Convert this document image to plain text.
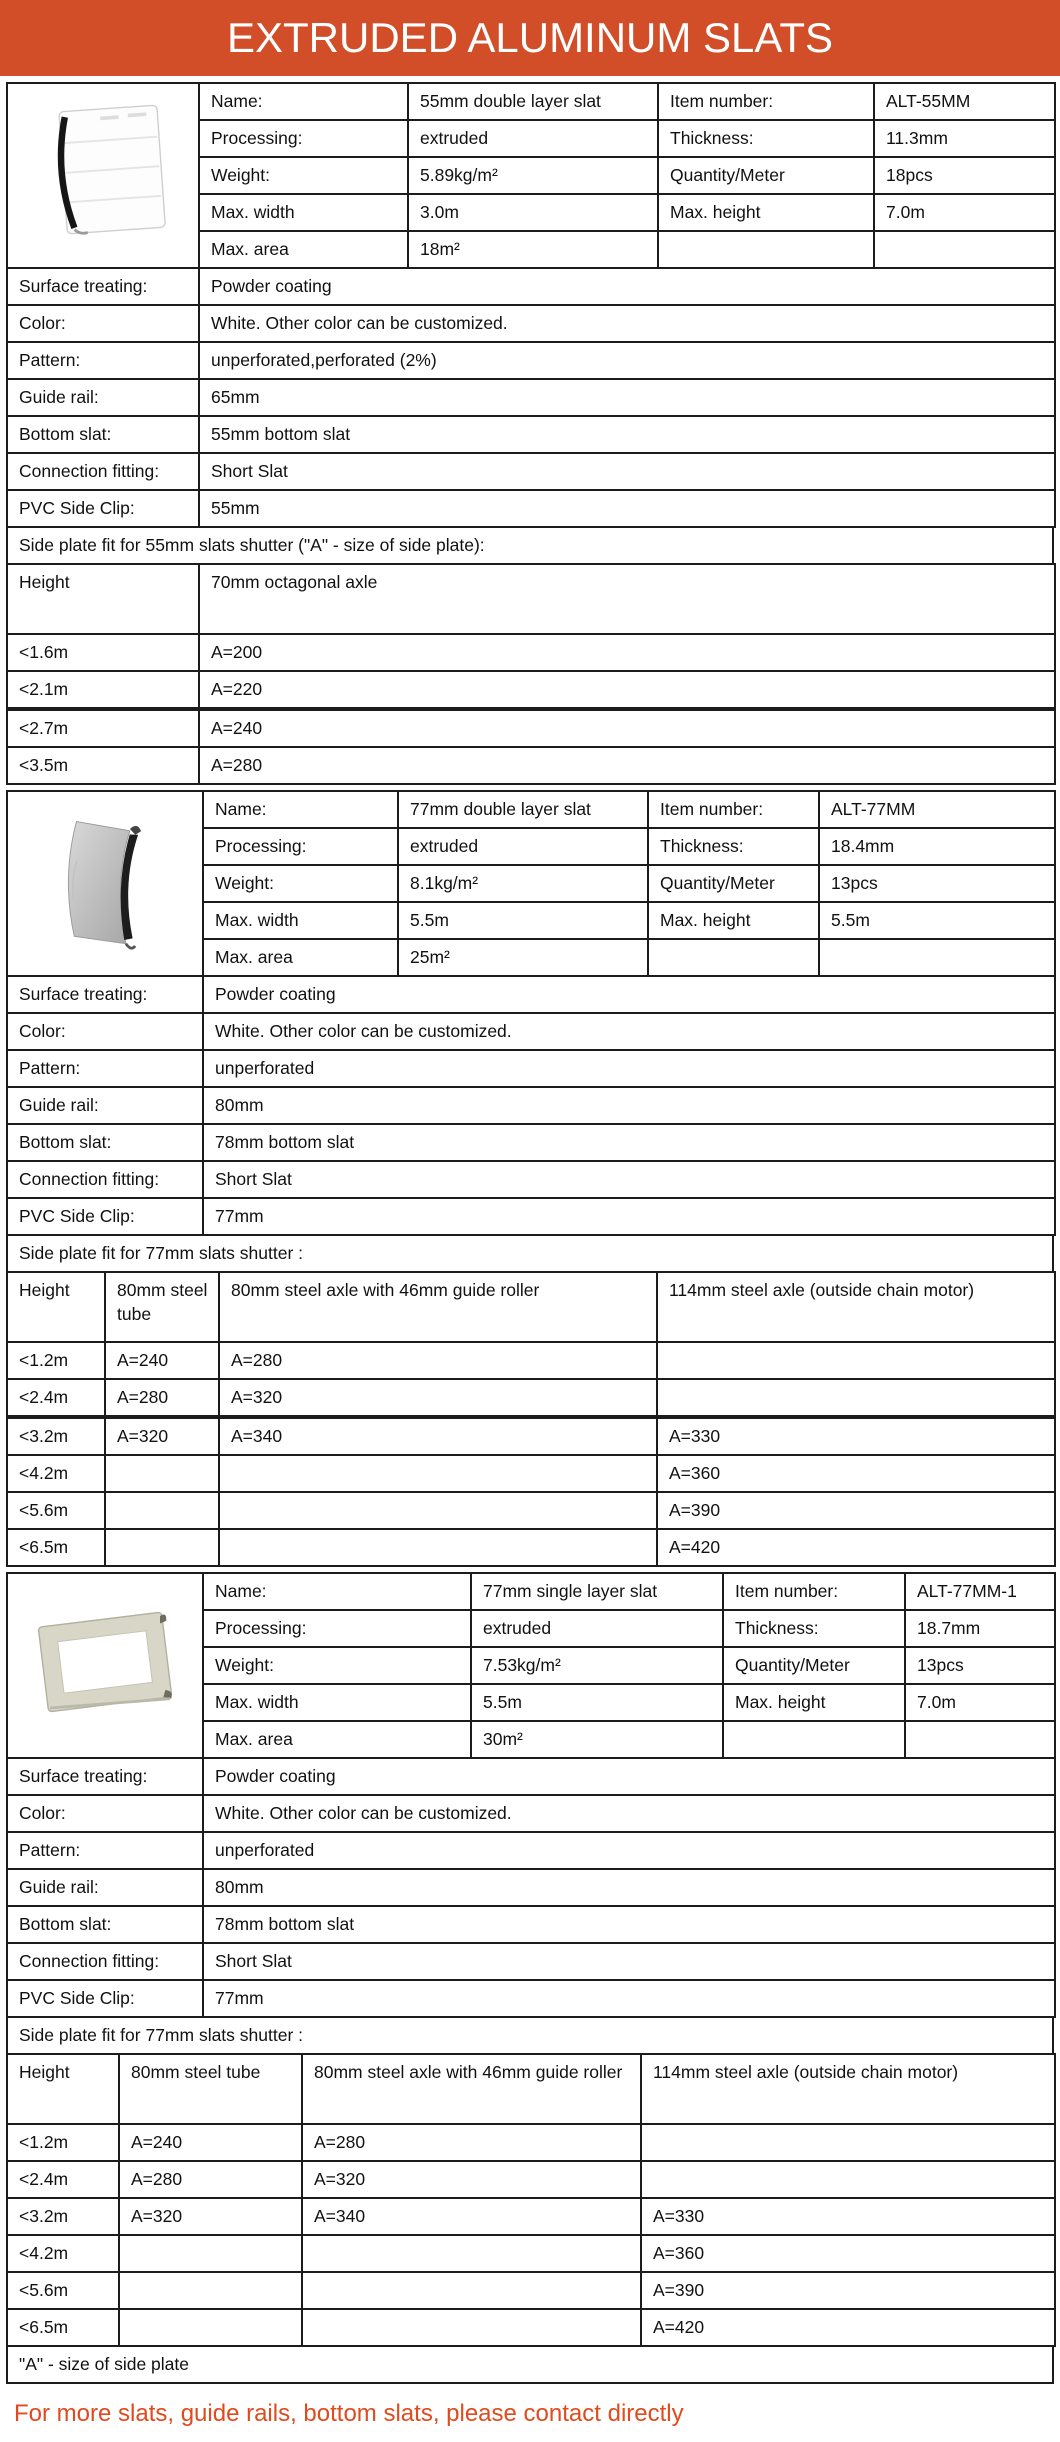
EXTRUDED ALUMINUM SLATS
	Name:	55mm double layer slat	Item number:	ALT-55MM
	Processing:	extruded	Thickness:	11.3mm
	Weight:	5.89kg/m²	Quantity/Meter	18pcs
	Max. width	3.0m	Max. height	7.0m
	Max. area	18m²		
Surface treating:	Powder coating
Color:	White. Other color can be customized.
Pattern:	unperforated,perforated (2%)
Guide rail:	65mm
Bottom slat:	55mm bottom slat
Connection fitting:	Short Slat
PVC Side Clip:	55mm
Side plate fit for 55mm slats shutter ("A" - size of side plate):
Height	70mm octagonal axle
<1.6m	A=200
<2.1m	A=220
<2.7m	A=240
<3.5m	A=280
	Name:	77mm double layer slat	Item number:	ALT-77MM
	Processing:	extruded	Thickness:	18.4mm
	Weight:	8.1kg/m²	Quantity/Meter	13pcs
	Max. width	5.5m	Max. height	5.5m
	Max. area	25m²		
Surface treating:	Powder coating
Color:	White. Other color can be customized.
Pattern:	unperforated
Guide rail:	80mm
Bottom slat:	78mm bottom slat
Connection fitting:	Short Slat
PVC Side Clip:	77mm
Side plate fit for 77mm slats shutter :
Height	80mm steel tube	80mm steel axle with 46mm guide roller	114mm steel axle (outside chain motor)
<1.2m	A=240	A=280	
<2.4m	A=280	A=320	
<3.2m	A=320	A=340	A=330
<4.2m			A=360
<5.6m			A=390
<6.5m			A=420
	Name:	77mm single layer slat	Item number:	ALT-77MM-1
	Processing:	extruded	Thickness:	18.7mm
	Weight:	7.53kg/m²	Quantity/Meter	13pcs
	Max. width	5.5m	Max. height	7.0m
	Max. area	30m²		
Surface treating:	Powder coating
Color:	White. Other color can be customized.
Pattern:	unperforated
Guide rail:	80mm
Bottom slat:	78mm bottom slat
Connection fitting:	Short Slat
PVC Side Clip:	77mm
Side plate fit for 77mm slats shutter :
Height	80mm steel tube	80mm steel axle with 46mm guide roller	114mm steel axle (outside chain motor)
<1.2m	A=240	A=280	
<2.4m	A=280	A=320	
<3.2m	A=320	A=340	A=330
<4.2m			A=360
<5.6m			A=390
<6.5m			A=420
"A" - size of side plate
For more slats, guide rails, bottom slats, please contact directly
